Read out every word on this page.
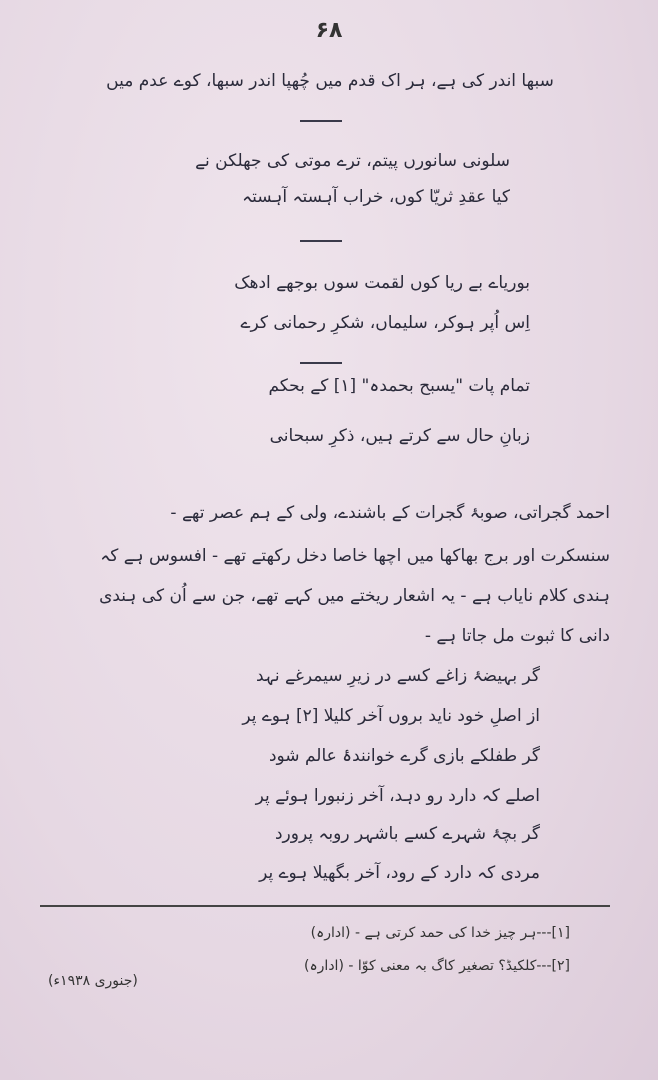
۶۸
سبھا اندر کی ہے، ہر اک قدم میں چُھپا اندر سبھا، کوے عدم میں
سلونی سانورں پیتم، ترے موتی کی جھلکن نے
کیا عقدِ ثریّا کوں، خراب آہستہ آہستہ
بوریاے بے ریا کوں لقمت سوں بوجھے ادھک
اِس اُپر ہوکر، سلیماں، شکرِ رحمانی کرے
تمام پات "یسبح بحمدہ" [۱] کے بحکم
زبانِ حال سے کرتے ہیں، ذکرِ سبحانی
احمد گجراتی، صوبۂ گجرات کے باشندے، ولی کے ہم عصر تھے -
سنسکرت اور برج بھاکھا میں اچھا خاصا دخل رکھتے تھے - افسوس ہے کہ
ہندی کلام نایاب ہے - یہ اشعار ریختے میں کہے تھے، جن سے اُن کی ہندی
دانی کا ثبوت مل جاتا ہے -
گر بہیضۂ زاغے کسے در زیرِ سیمرغے نہد
از اصلِ خود ناید بروں آخر کلیلا [۲] ہوے پر
گر طفلکے بازی گرے خوانندۂ عالم شود
اصلے کہ دارد رو دہد، آخر زنبورا ہوئے پر
گر بچۂ شہرے کسے باشہر روبہ پرورد
مردی کہ دارد کے رود، آخر بگھیلا ہوے پر
[۱]---ہر چیز خدا کی حمد کرتی ہے - (ادارہ)
[۲]---کلکیڈ؟ تصغیر کاگ بہ معنی کوّا - (ادارہ)
(جنوری ۱۹۳۸ء)
